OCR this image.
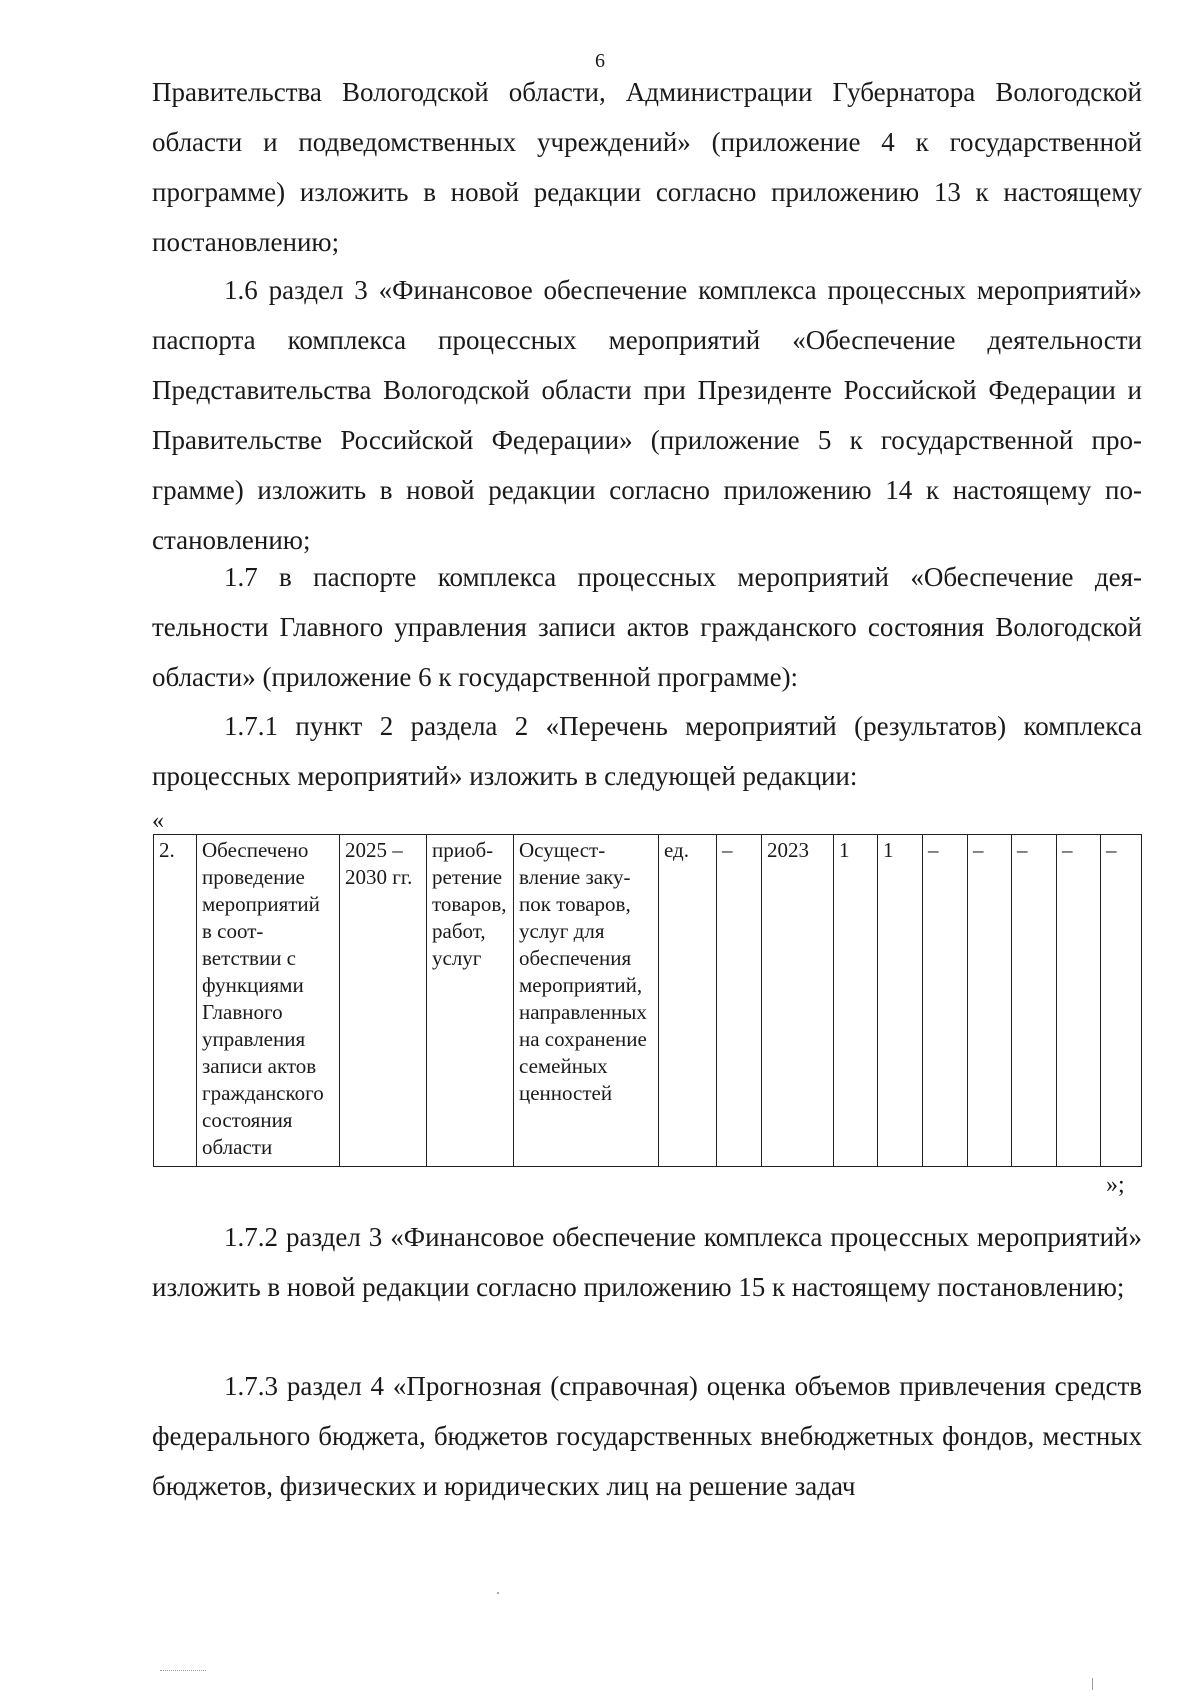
6

Правительства Вологодской области, Администрации Губернатора Вологодской области и подведомственных учреждений» (приложение 4 к государственной программе) изложить в новой редакции согласно приложению 13 к настоящему постановлению;

1.6 раздел 3 «Финансовое обеспечение комплекса процессных мероприятий» паспорта комплекса процессных мероприятий «Обеспечение деятельности Представительства Вологодской области при Президенте Российской Федерации и Правительстве Российской Федерации» (приложение 5 к государственной программе) изложить в новой редакции согласно приложению 14 к настоящему постановлению;

1.7 в паспорте комплекса процессных мероприятий «Обеспечение деятельности Главного управления записи актов гражданского состояния Вологодской области» (приложение 6 к государственной программе):

1.7.1 пункт 2 раздела 2 «Перечень мероприятий (результатов) комплекса процессных мероприятий» изложить в следующей редакции:

«
2.	Обеспечено проведение мероприятий в соответствии с функциями Главного управления записи актов гражданского состояния области	2025 – 2030 гг.	приобретение товаров, работ, услуг	Осуществление закупок товаров, услуг для обеспечения мероприятий, направленных на сохранение семейных ценностей	ед.	–	2023	1	1	–	–	–	–	–
»;

1.7.2 раздел 3 «Финансовое обеспечение комплекса процессных мероприятий» изложить в новой редакции согласно приложению 15 к настоящему постановлению;

1.7.3 раздел 4 «Прогнозная (справочная) оценка объемов привлечения средств федерального бюджета, бюджетов государственных внебюджетных фондов, местных бюджетов, физических и юридических лиц на решение задач
